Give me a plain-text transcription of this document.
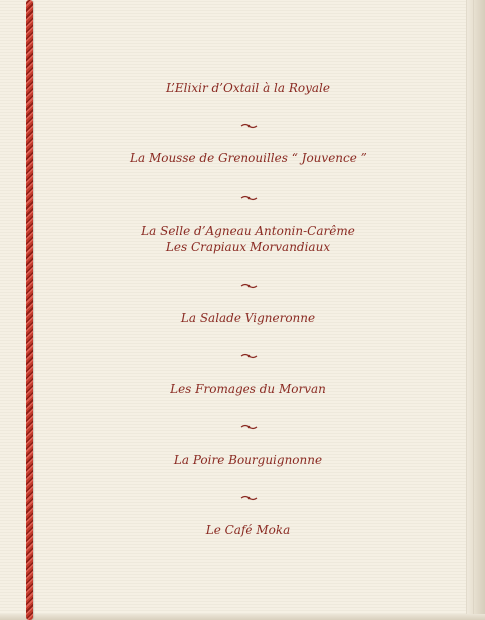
L’Elixir d’Oxtail à la Royale
La Mousse de Grenouilles “ Jouvence ”
La Selle d’Agneau Antonin-Carême
Les Crapiaux Morvandiaux
La Salade Vigneronne
Les Fromages du Morvan
La Poire Bourguignonne
Le Café Moka
